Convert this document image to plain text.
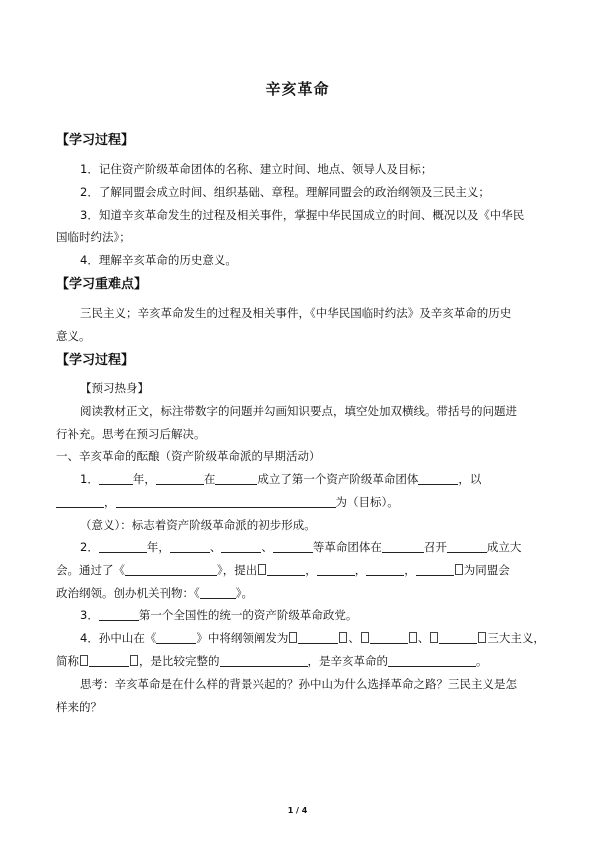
辛亥革命
【学习过程】
1．记住资产阶级革命团体的名称、建立时间、地点、领导人及目标；
2．了解同盟会成立时间、组织基础、章程。理解同盟会的政治纲领及三民主义；
3．知道辛亥革命发生的过程及相关事件，掌握中华民国成立的时间、概况以及《中华民
国临时约法》；
4．理解辛亥革命的历史意义。
【学习重难点】
三民主义；辛亥革命发生的过程及相关事件，《中华民国临时约法》及辛亥革命的历史
意义。
【学习过程】
【预习热身】
阅读教材正文，标注带数字的问题并勾画知识要点，填空处加双横线。带括号的问题进
行补充。思考在预习后解决。
一、辛亥革命的酝酿（资产阶级革命派的早期活动）
1．	年，	在	成立了第一个资产阶级革命团体	，以
，	为（目标）。
（意义）：标志着资产阶级革命派的初步形成。
2．	年，	、	、	等革命团体在	召开	成立大
会。通过了《	》，提出	，	，	，	为同盟会
政治纲领。创办机关刊物：《	》。
3．	第一个全国性的统一的资产阶级革命政党。
4．孙中山在《	》中将纲领阐发为	、	、	三大主义，
简称	，是比较完整的	，是辛亥革命的	。
思考：辛亥革命是在什么样的背景兴起的？孙中山为什么选择革命之路？三民主义是怎
样来的？
1 / 4
